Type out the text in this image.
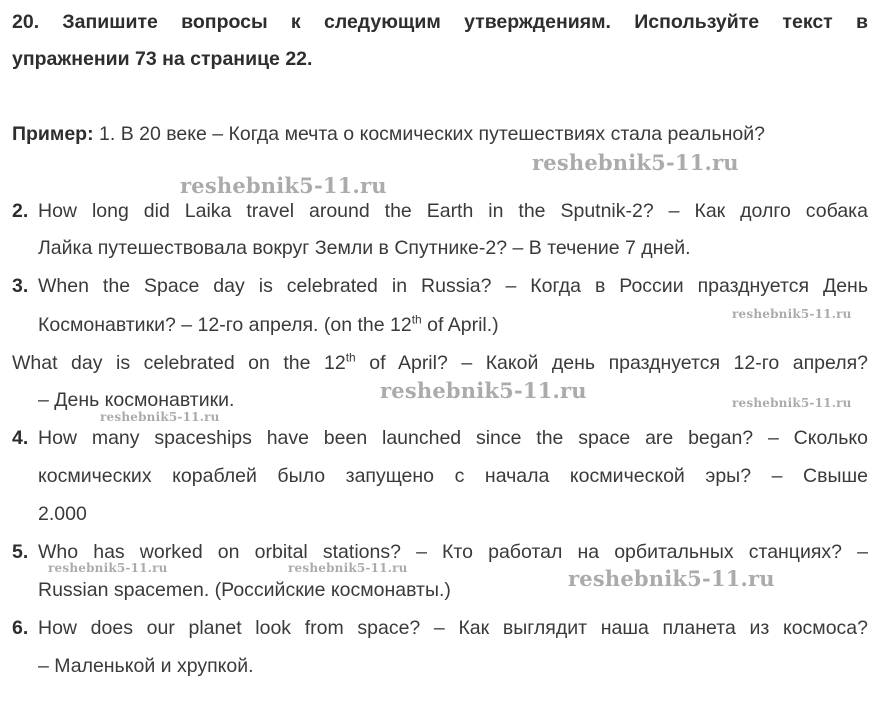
20. Запишите вопросы к следующим утверждениям. Используйте текст в
упражнении 73 на странице 22.
Пример: 1. В 20 веке – Когда мечта о космических путешествиях стала реальной?
2. How long did Laika travel around the Earth in the Sputnik-2? – Как долго собака
Лайка путешествовала вокруг Земли в Спутнике-2? – В течение 7 дней.
3. When the Space day is celebrated in Russia? – Когда в России празднуется День
Космонавтики? – 12-го апреля. (on the 12th of April.)
What day is celebrated on the 12th of April? – Какой день празднуется 12-го апреля?
– День космонавтики.
4. How many spaceships have been launched since the space are began? – Сколько
космических кораблей было запущено с начала космической эры? – Свыше
2.000
5. Who has worked on orbital stations? – Кто работал на орбитальных станциях? –
Russian spacemen. (Российские космонавты.)
6. How does our planet look from space? – Как выглядит наша планета из космоса?
– Маленькой и хрупкой.
reshebnik5-11.ru
reshebnik5-11.ru
reshebnik5-11.ru
reshebnik5-11.ru	reshebnik5-11.ru
reshebnik5-11.ru
reshebnik5-11.ru	reshebnik5-11.ru	reshebnik5-11.ru
